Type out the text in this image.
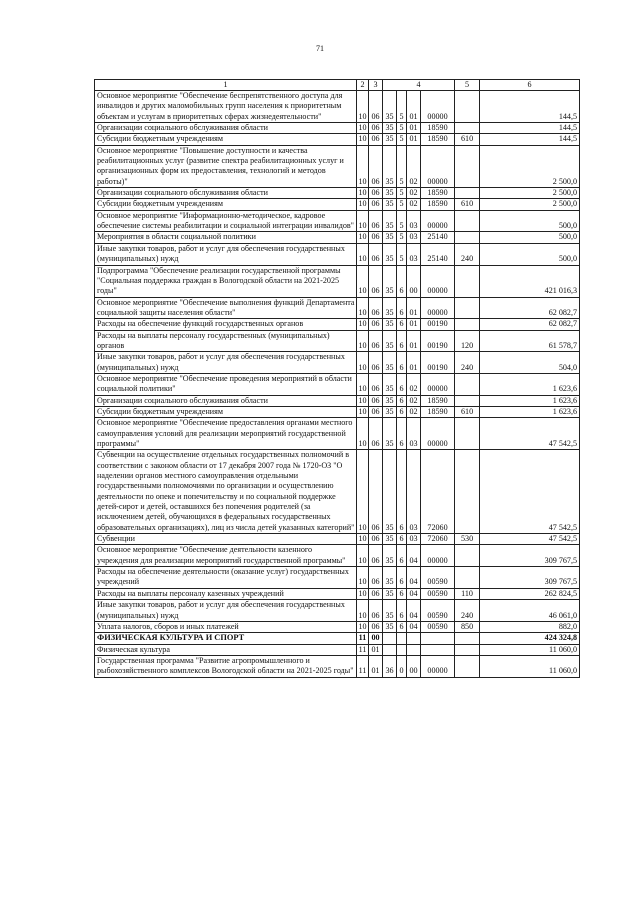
71
1	2	3	4				5	6
Основное мероприятие "Обеспечение беспрепятственного доступа для инвалидов и других маломобильных групп населения к приоритетным объектам и услугам в приоритетных сферах жизнедеятельности"	10	06	35	5	01	00000		144,5
Организации социального обслуживания области	10	06	35	5	01	18590		144,5
Субсидии бюджетным учреждениям	10	06	35	5	01	18590	610	144,5
Основное мероприятие "Повышение доступности и качества реабилитационных услуг (развитие спектра реабилитационных услуг и организационных форм их предоставления, технологий и методов работы)"	10	06	35	5	02	00000		2 500,0
Организации социального обслуживания области	10	06	35	5	02	18590		2 500,0
Субсидии бюджетным учреждениям	10	06	35	5	02	18590	610	2 500,0
Основное мероприятие "Информационно-методическое, кадровое обеспечение системы реабилитации и социальной интеграции инвалидов"	10	06	35	5	03	00000		500,0
Мероприятия в области социальной политики	10	06	35	5	03	25140		500,0
Иные закупки товаров, работ и услуг для обеспечения государственных (муниципальных) нужд	10	06	35	5	03	25140	240	500,0
Подпрограмма "Обеспечение реализации государственной программы "Социальная поддержка граждан в Вологодской области на 2021-2025 годы"	10	06	35	6	00	00000		421 016,3
Основное мероприятие "Обеспечение выполнения функций Департамента социальной защиты населения области"	10	06	35	6	01	00000		62 082,7
Расходы на обеспечение функций государственных органов	10	06	35	6	01	00190		62 082,7
Расходы на выплаты персоналу государственных (муниципальных) органов	10	06	35	6	01	00190	120	61 578,7
Иные закупки товаров, работ и услуг для обеспечения государственных (муниципальных) нужд	10	06	35	6	01	00190	240	504,0
Основное мероприятие "Обеспечение проведения мероприятий в области социальной политики"	10	06	35	6	02	00000		1 623,6
Организации социального обслуживания области	10	06	35	6	02	18590		1 623,6
Субсидии бюджетным учреждениям	10	06	35	6	02	18590	610	1 623,6
Основное мероприятие "Обеспечение предоставления органами местного самоуправления условий для реализации мероприятий государственной программы"	10	06	35	6	03	00000		47 542,5
Субвенции на осуществление отдельных государственных полномочий в соответствии с законом области от 17 декабря 2007 года № 1720-ОЗ "О наделении органов местного самоуправления отдельными государственными полномочиями по организации и осуществлению деятельности по опеке и попечительству и по социальной поддержке детей-сирот и детей, оставшихся без попечения родителей (за исключением детей, обучающихся в федеральных государственных образовательных организациях), лиц из числа детей указанных категорий"	10	06	35	6	03	72060		47 542,5
Субвенции	10	06	35	6	03	72060	530	47 542,5
Основное мероприятие "Обеспечение деятельности казенного учреждения для реализации мероприятий государственной программы"	10	06	35	6	04	00000		309 767,5
Расходы на обеспечение деятельности (оказание услуг) государственных учреждений	10	06	35	6	04	00590		309 767,5
Расходы на выплаты персоналу казенных учреждений	10	06	35	6	04	00590	110	262 824,5
Иные закупки товаров, работ и услуг для обеспечения государственных (муниципальных) нужд	10	06	35	6	04	00590	240	46 061,0
Уплата налогов, сборов и иных платежей	10	06	35	6	04	00590	850	882,0
ФИЗИЧЕСКАЯ КУЛЬТУРА И СПОРТ	11	00						424 324,8
Физическая культура	11	01						11 060,0
Государственная программа "Развитие агропромышленного и рыбохозяйственного комплексов Вологодской области на 2021-2025 годы"	11	01	36	0	00	00000		11 060,0
